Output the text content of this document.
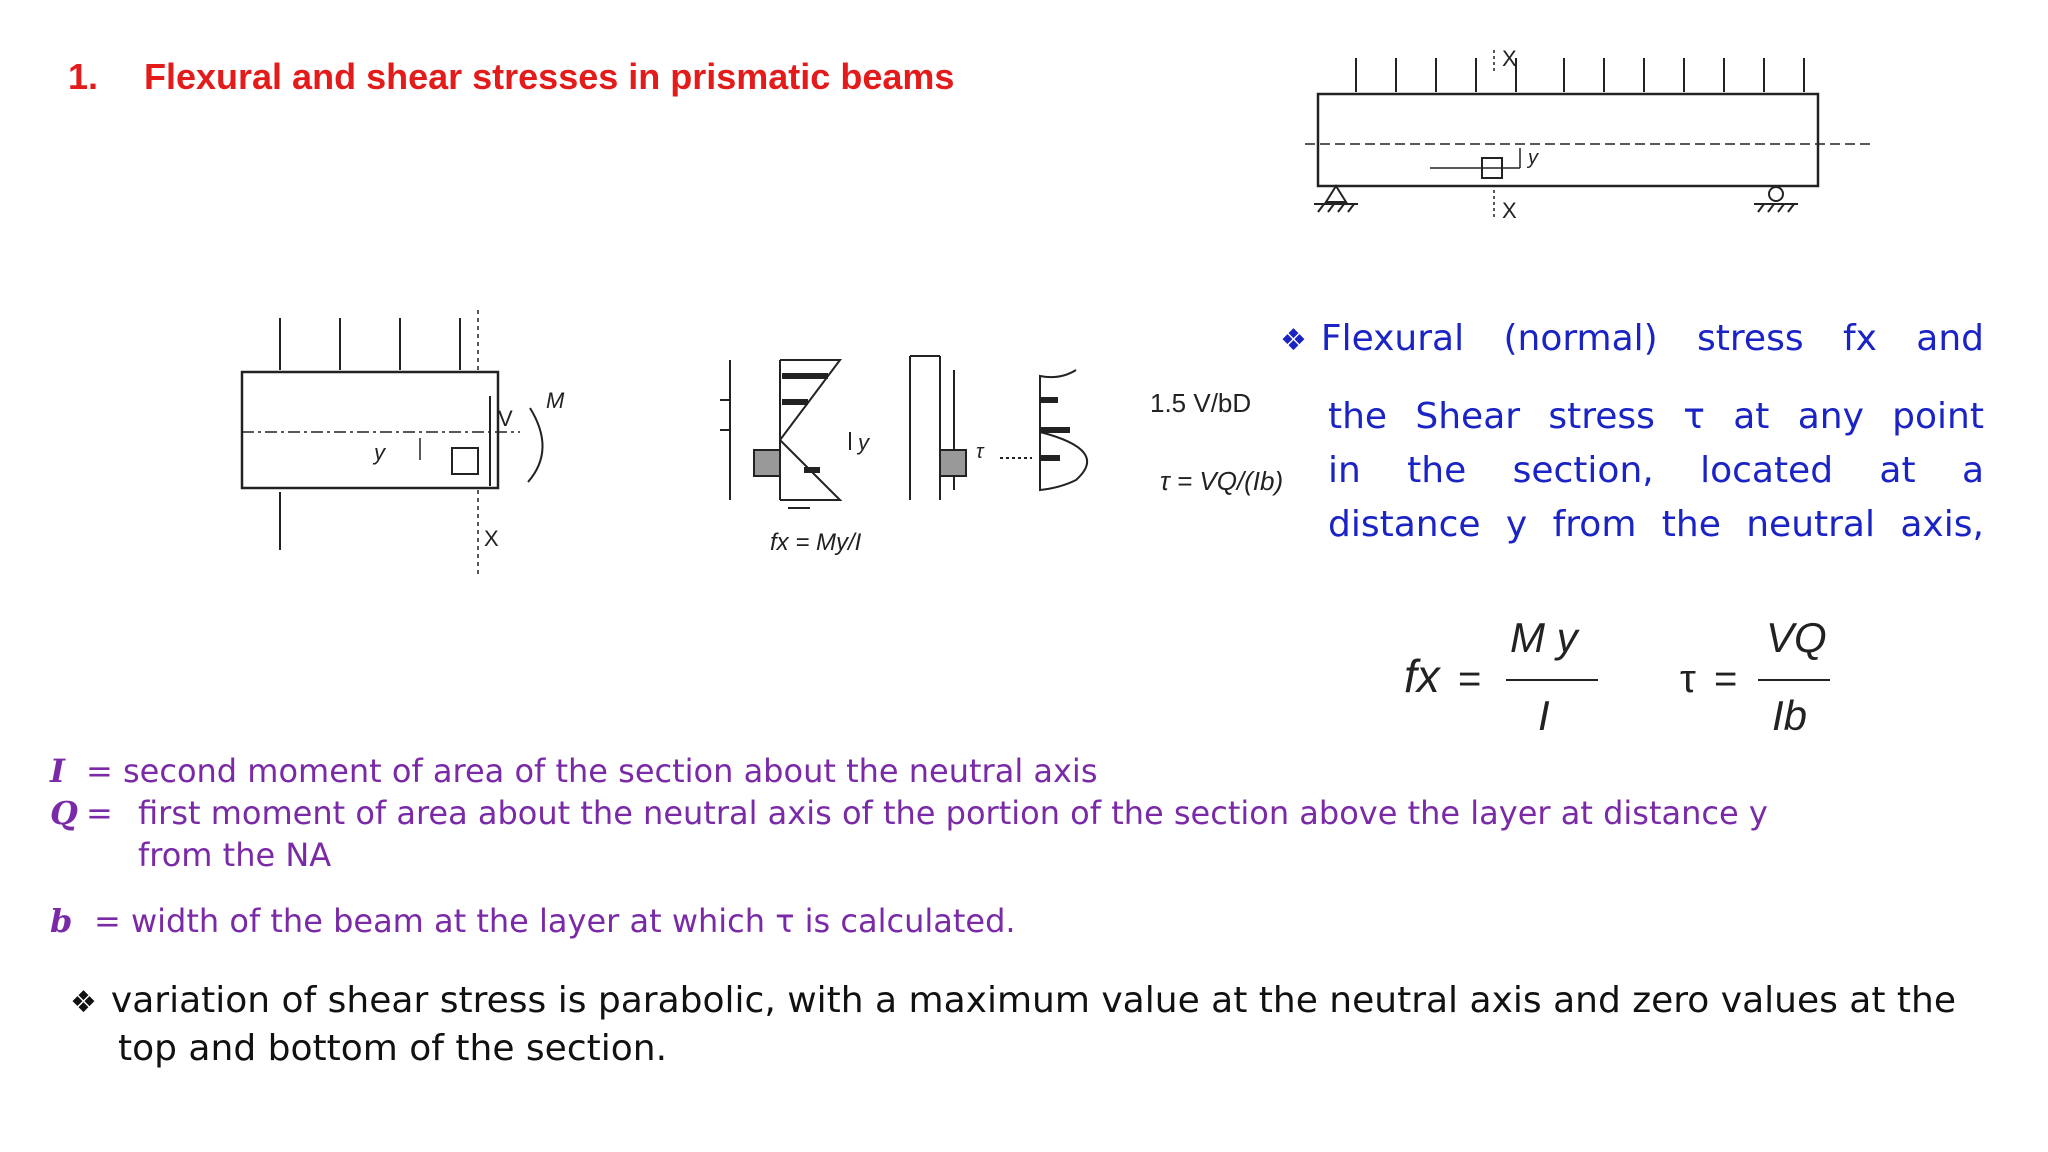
1. Flexural and shear stresses in prismatic beams	X
X
y
V
M
y
X
y
fx = My/I
τ
1.5 V/bD
τ = VQ/(Ib)
❖ Flexural (normal) stress fx and
the Shear stress τ at any point
in the section, located at a
distance y from the neutral axis,
fx =
M y
I
τ =
VQ
Ib
I = second moment of area of the section about the neutral axis
Q = first moment of area about the neutral axis of the portion of the section above the layer at distance y
from the NA
b = width of the beam at the layer at which τ is calculated.
❖ variation of shear stress is parabolic, with a maximum value at the neutral axis and zero values at the
top and bottom of the section.
